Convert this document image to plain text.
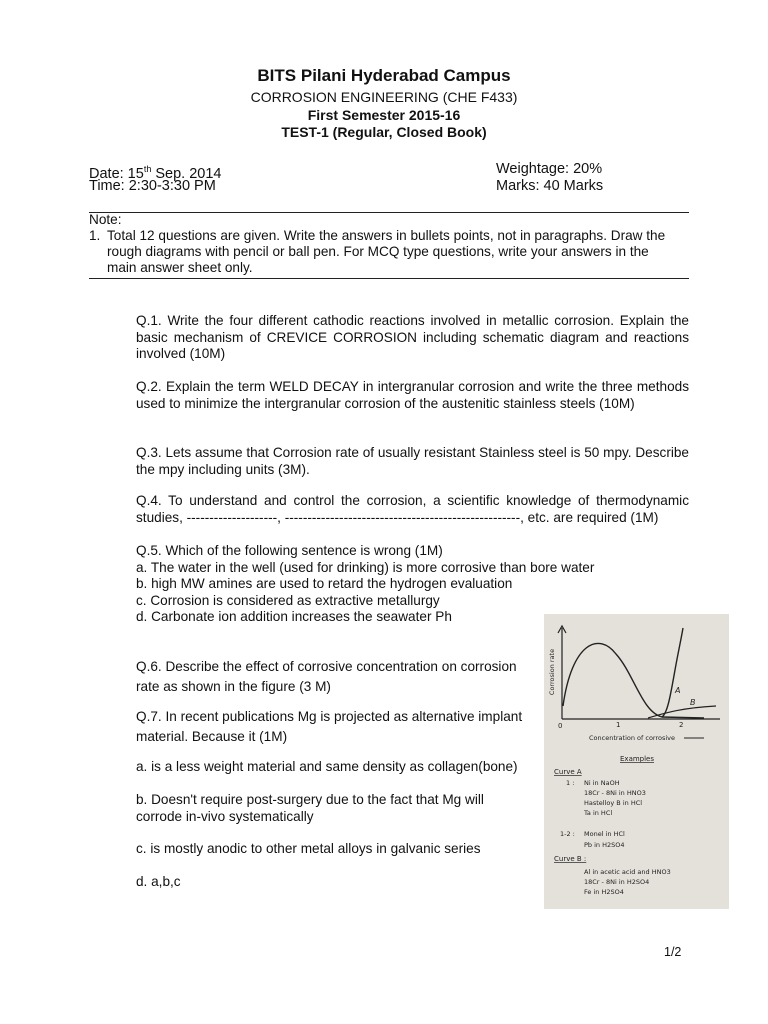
BITS Pilani Hyderabad Campus
CORROSION ENGINEERING (CHE F433)
First Semester 2015-16
TEST-1 (Regular, Closed Book)
Date: 15th Sep. 2014
Time: 2:30-3:30 PM
Weightage: 20%
Marks: 40 Marks
Note:
1. Total 12 questions are given. Write the answers in bullets points, not in paragraphs. Draw the
rough diagrams with pencil or ball pen. For MCQ type questions, write your answers in the
main answer sheet only.
Q.1. Write the four different cathodic reactions involved in metallic corrosion. Explain the basic mechanism of CREVICE CORROSION including schematic diagram and reactions involved (10M)
Q.2. Explain the term WELD DECAY in intergranular corrosion and write the three methods used to minimize the intergranular corrosion of the austenitic stainless steels (10M)
Q.3. Lets assume that Corrosion rate of usually resistant Stainless steel is 50 mpy. Describe the mpy including units (3M).
Q.4. To understand and control the corrosion, a scientific knowledge of thermodynamic studies, --------------------, ----------------------------------------------------, etc. are required (1M)
Q.5. Which of the following sentence is wrong (1M)
a. The water in the well (used for drinking) is more corrosive than bore water
b. high MW amines are used to retard the hydrogen evaluation
c. Corrosion is considered as extractive metallurgy
d. Carbonate ion addition increases the seawater Ph
Q.6. Describe the effect of corrosive concentration on corrosion rate as shown in the figure (3 M)
Q.7. In recent publications Mg is projected as alternative implant material. Because it (1M)
a. is a less weight material and same density as collagen(bone)
b. Doesn't require post-surgery due to the fact that Mg will corrode in-vivo systematically
c. is mostly anodic to other metal alloys in galvanic series
d. a,b,c
Corrosion rate	A
B
0	1	2
Concentration of corrosive
Examples
Curve A
1 : Ni in NaOH
18Cr - 8Ni in HNO3
Hastelloy B in HCl
Ta in HCl
1-2 : Monel in HCl
Pb in H2SO4
Curve B :
Al in acetic acid and HNO3
18Cr - 8Ni in H2SO4
Fe in H2SO4
1/2
